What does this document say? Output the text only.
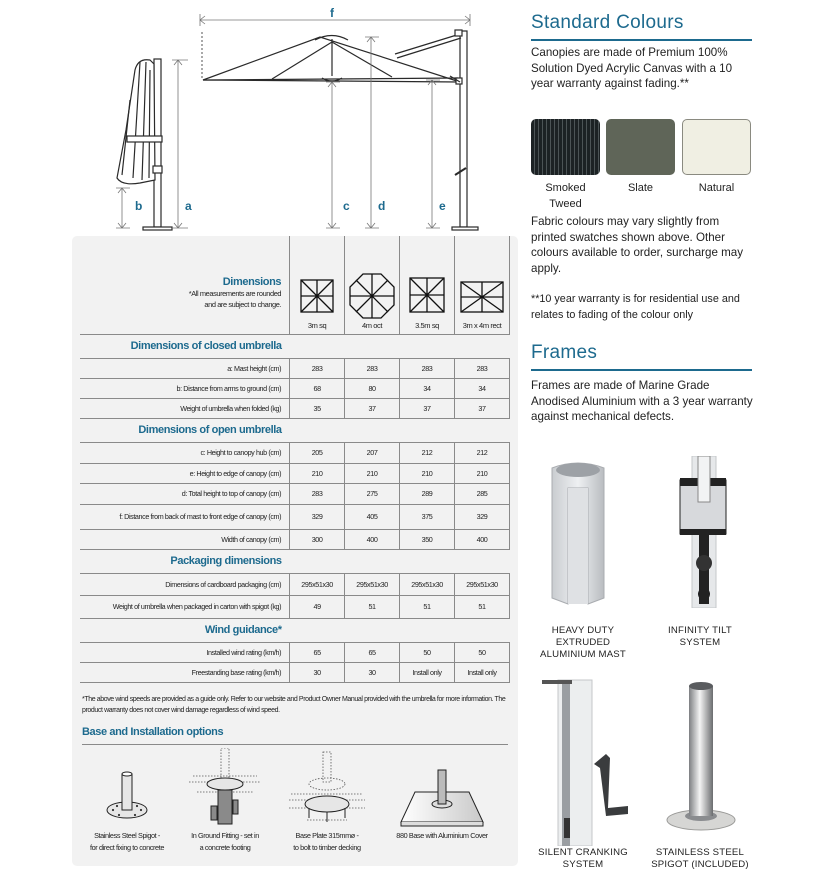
f
b	a	c d	e
Dimensions
*All measurements are rounded
and are subject to change.	3m sq	4m oct	3.5m sq	3m x 4m rect
Dimensions of closed umbrella				
a: Mast height (cm)	283	283	283	283
b: Distance from arms to ground (cm)	68	80	34	34
Weight of umbrella when folded (kg)	35	37	37	37
Dimensions of open umbrella				
c: Height to canopy hub (cm)	205	207	212	212
e: Height to edge of canopy (cm)	210	210	210	210
d: Total height to top of canopy (cm)	283	275	289	285
f: Distance from back of mast to front edge of canopy (cm)	329	405	375	329
Width of canopy (cm)	300	400	350	400
Packaging dimensions				
Dimensions of cardboard packaging (cm)	295x51x30	295x51x30	295x51x30	295x51x30
Weight of umbrella when packaged in carton with spigot (kg)	49	51	51	51
Wind guidance*				
Installed wind rating (km/h)	65	65	50	50
Freestanding base rating (km/h)	30	30	Install only	Install only
*The above wind speeds are provided as a guide only. Refer to our website and Product Owner Manual provided with the umbrella for more information. The product warranty does not cover wind damage regardless of wind speed.
Base and Installation options
Stainless Steel Spigot -
for direct fixing to concrete
In Ground Fitting - set in
a concrete footing
Base Plate 315mmø -
to bolt to timber decking
880 Base with Aluminium Cover
Standard Colours
Canopies are made of Premium 100% Solution Dyed Acrylic Canvas with a 10 year warranty against fading.**
Smoked
Tweed
Slate	Natural
Fabric colours may vary slightly from printed swatches shown above. Other colours available to order, surcharge may apply.
**10 year warranty is for residential use and relates to fading of the colour only
Frames
Frames are made of Marine Grade Anodised Aluminium with a 3 year warranty against mechanical defects.
HEAVY DUTY
EXTRUDED
ALUMINIUM MAST
INFINITY TILT
SYSTEM
SILENT CRANKING
SYSTEM
STAINLESS STEEL
SPIGOT (INCLUDED)
